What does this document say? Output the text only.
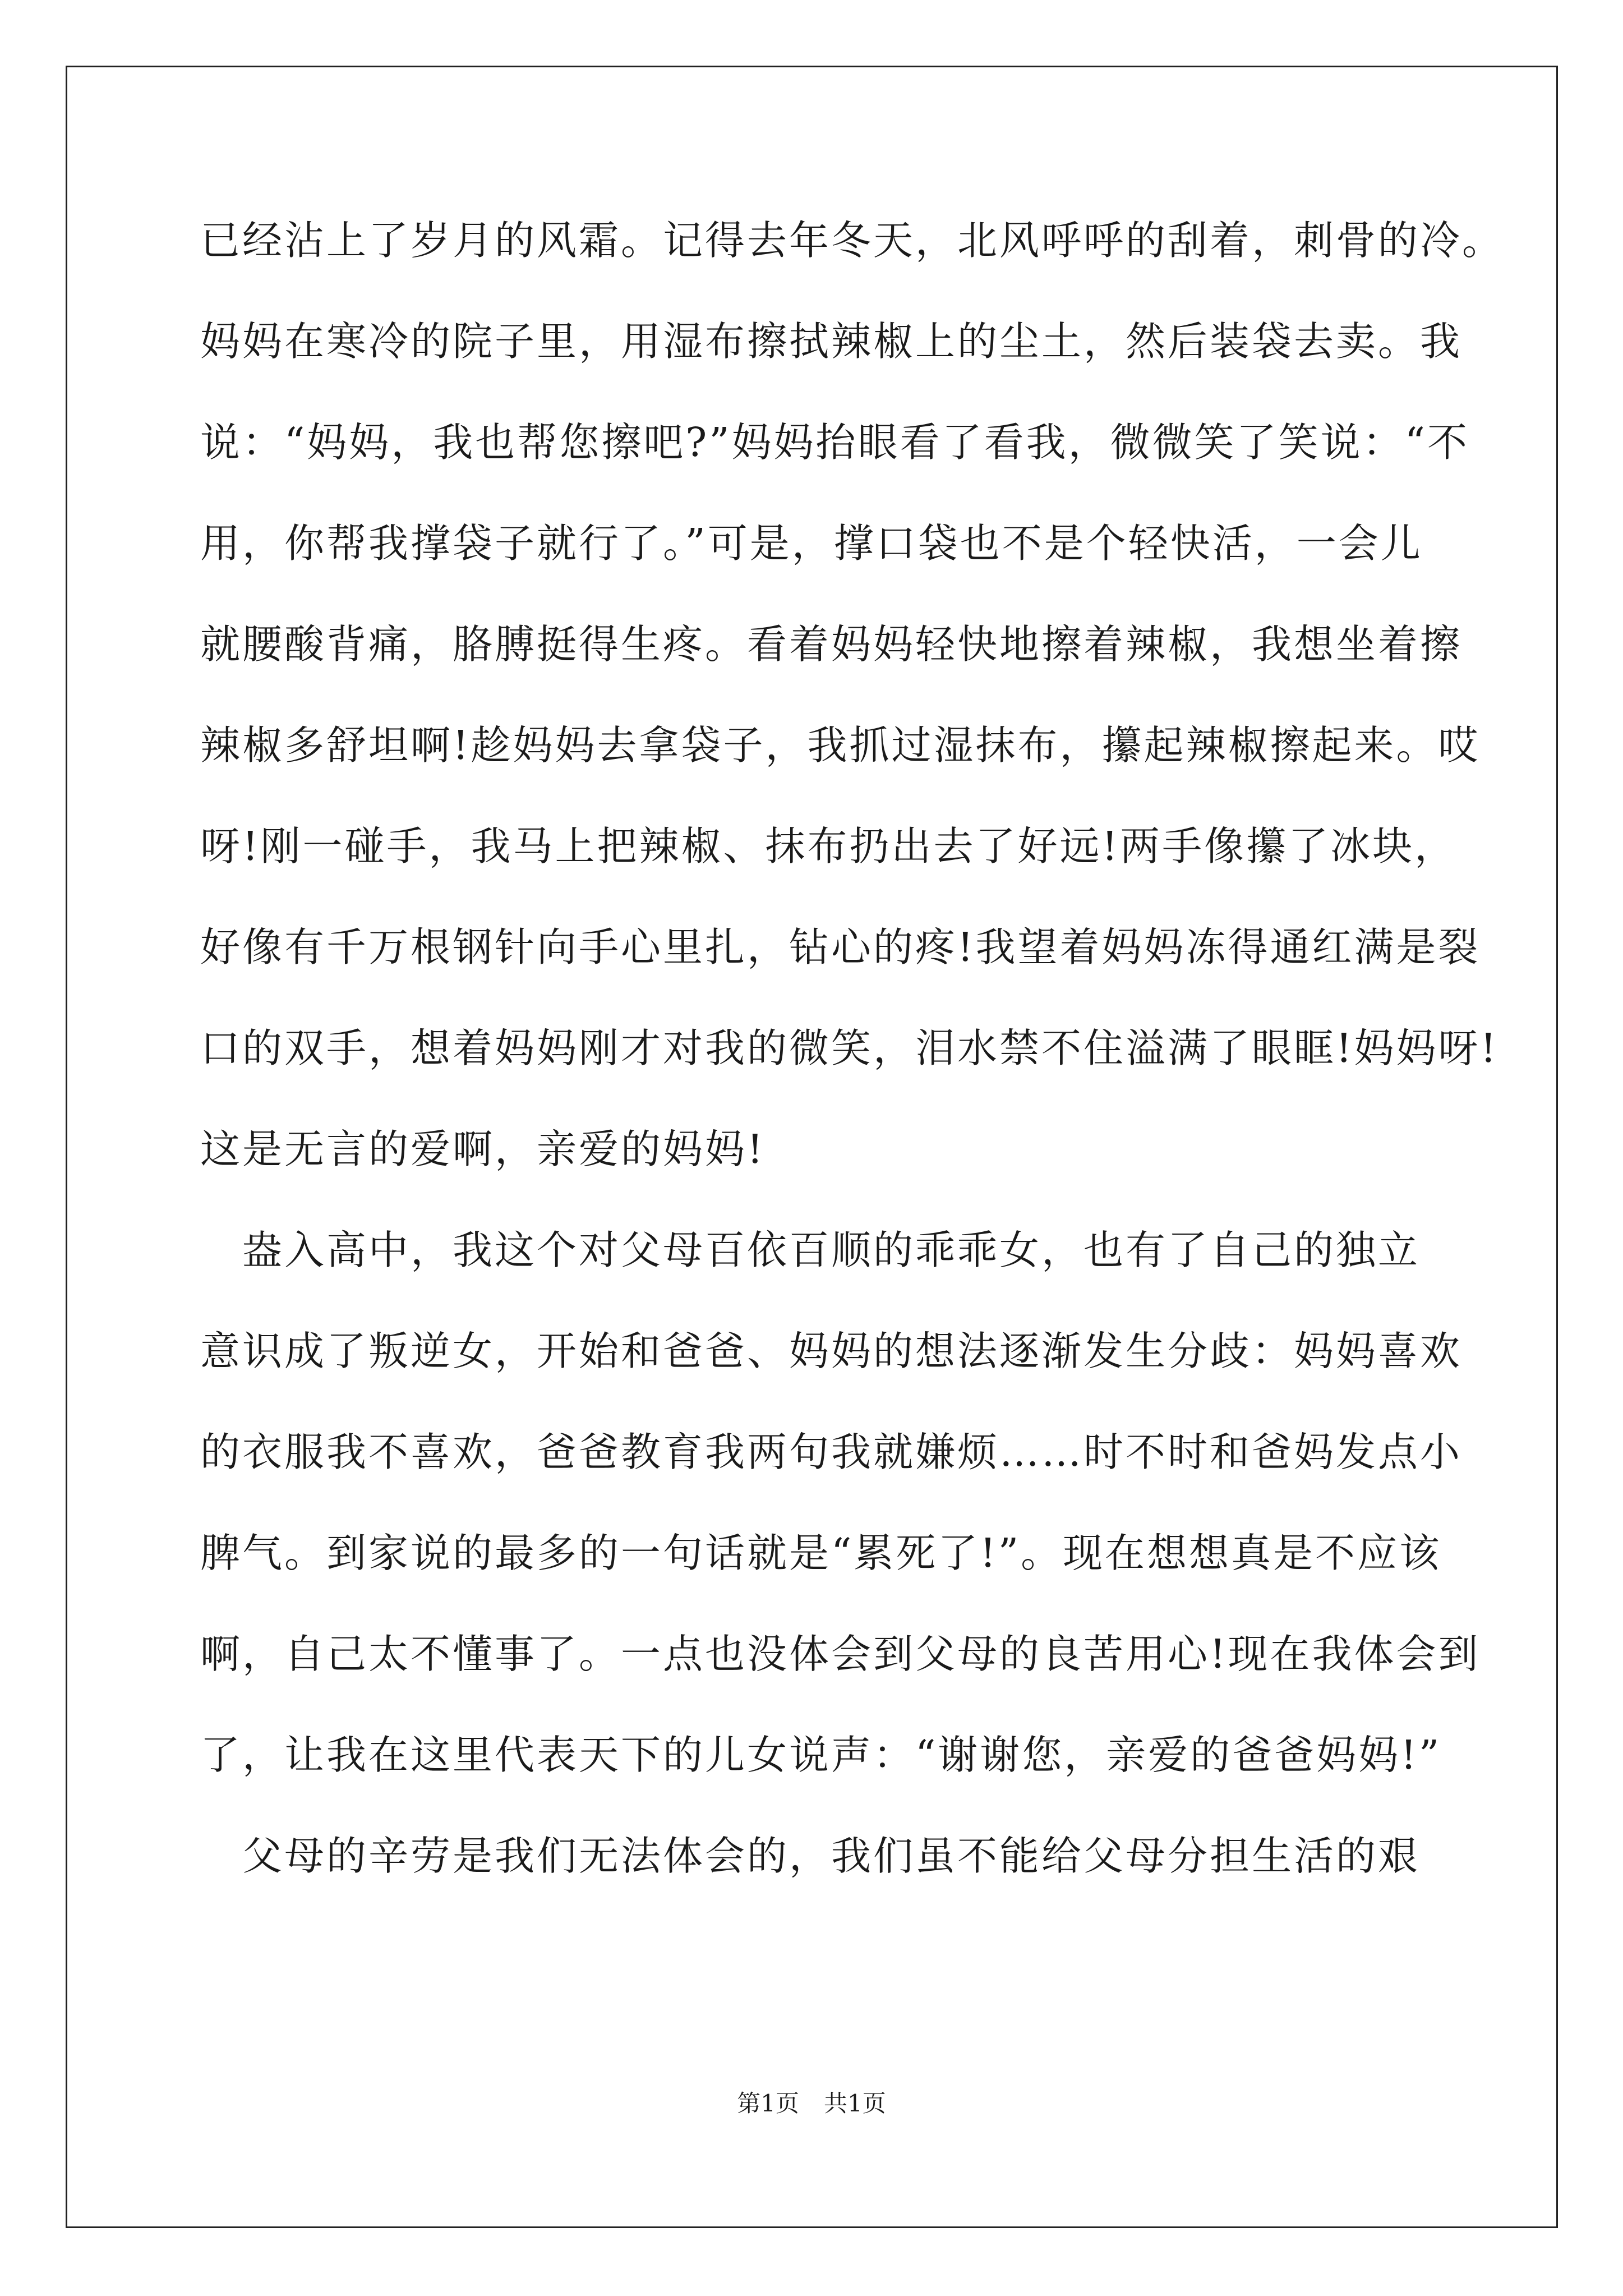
已经沾上了岁月的风霜。记得去年冬天，北风呼呼的刮着，刺骨的冷。
妈妈在寒冷的院子里，用湿布擦拭辣椒上的尘土，然后装袋去卖。我
说：“妈妈，我也帮您擦吧?”妈妈抬眼看了看我，微微笑了笑说：“不
用，你帮我撑袋子就行了。”可是，撑口袋也不是个轻快活，一会儿
就腰酸背痛，胳膊挺得生疼。看着妈妈轻快地擦着辣椒，我想坐着擦
辣椒多舒坦啊!趁妈妈去拿袋子，我抓过湿抹布，攥起辣椒擦起来。哎
呀!刚一碰手，我马上把辣椒、抹布扔出去了好远!两手像攥了冰块，
好像有千万根钢针向手心里扎，钻心的疼!我望着妈妈冻得通红满是裂
口的双手，想着妈妈刚才对我的微笑，泪水禁不住溢满了眼眶!妈妈呀!
这是无言的爱啊，亲爱的妈妈!
　盎入高中，我这个对父母百依百顺的乖乖女，也有了自己的独立
意识成了叛逆女，开始和爸爸、妈妈的想法逐渐发生分歧：妈妈喜欢
的衣服我不喜欢，爸爸教育我两句我就嫌烦……时不时和爸妈发点小
脾气。到家说的最多的一句话就是“累死了!”。现在想想真是不应该
啊，自己太不懂事了。一点也没体会到父母的良苦用心!现在我体会到
了，让我在这里代表天下的儿女说声：“谢谢您，亲爱的爸爸妈妈!”
　父母的辛劳是我们无法体会的，我们虽不能给父母分担生活的艰
第1页 共1页
